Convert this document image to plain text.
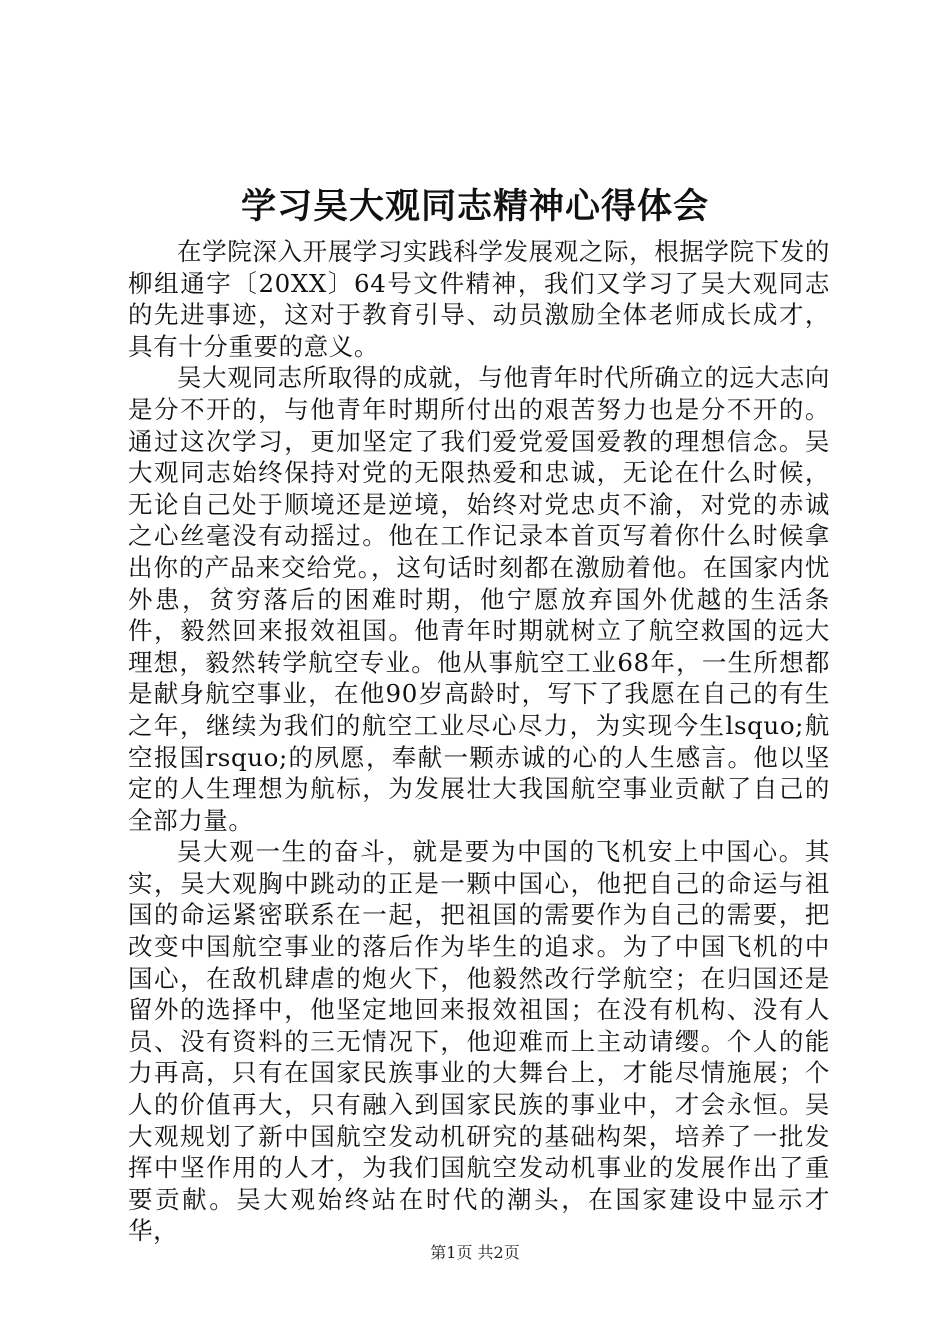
学习吴大观同志精神心得体会

在学院深入开展学习实践科学发展观之际，根据学院下发的柳组通字〔20XX〕64号文件精神，我们又学习了吴大观同志的先进事迹，这对于教育引导、动员激励全体老师成长成才，具有十分重要的意义。

吴大观同志所取得的成就，与他青年时代所确立的远大志向是分不开的，与他青年时期所付出的艰苦努力也是分不开的。通过这次学习，更加坚定了我们爱党爱国爱教的理想信念。吴大观同志始终保持对党的无限热爱和忠诚，无论在什么时候，无论自己处于顺境还是逆境，始终对党忠贞不渝，对党的赤诚之心丝毫没有动摇过。他在工作记录本首页写着你什么时候拿出你的产品来交给党。，这句话时刻都在激励着他。在国家内忧外患，贫穷落后的困难时期，他宁愿放弃国外优越的生活条件，毅然回来报效祖国。他青年时期就树立了航空救国的远大理想，毅然转学航空专业。他从事航空工业68年，一生所想都是献身航空事业，在他90岁高龄时，写下了我愿在自己的有生之年，继续为我们的航空工业尽心尽力，为实现今生lsquo;航空报国rsquo;的夙愿，奉献一颗赤诚的心的人生感言。他以坚定的人生理想为航标，为发展壮大我国航空事业贡献了自己的全部力量。

吴大观一生的奋斗，就是要为中国的飞机安上中国心。其实，吴大观胸中跳动的正是一颗中国心，他把自己的命运与祖国的命运紧密联系在一起，把祖国的需要作为自己的需要，把改变中国航空事业的落后作为毕生的追求。为了中国飞机的中国心，在敌机肆虐的炮火下，他毅然改行学航空；在归国还是留外的选择中，他坚定地回来报效祖国；在没有机构、没有人员、没有资料的三无情况下，他迎难而上主动请缨。个人的能力再高，只有在国家民族事业的大舞台上，才能尽情施展；个人的价值再大，只有融入到国家民族的事业中，才会永恒。吴大观规划了新中国航空发动机研究的基础构架，培养了一批发挥中坚作用的人才，为我们国航空发动机事业的发展作出了重要贡献。吴大观始终站在时代的潮头，在国家建设中显示才华，

第1页 共2页
